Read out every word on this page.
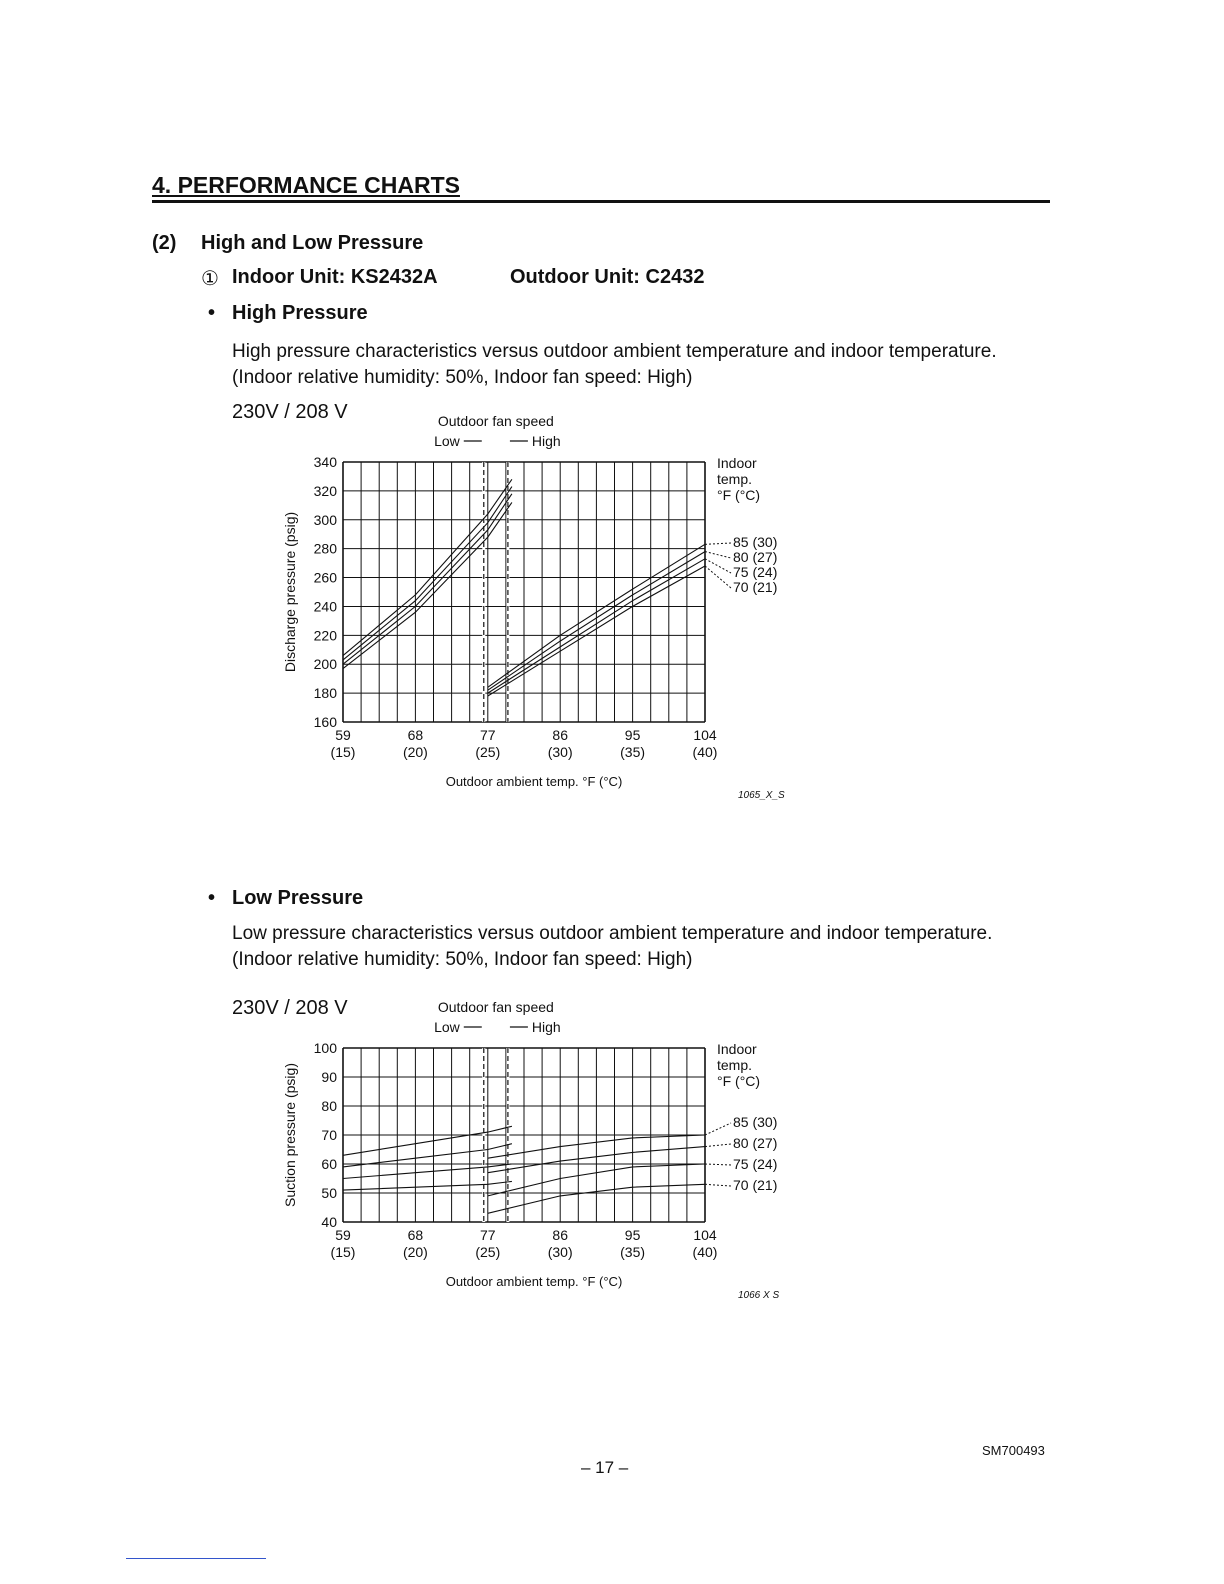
4. PERFORMANCE CHARTS
(2) High and Low Pressure
① Indoor Unit: KS2432A	Outdoor Unit: C2432
• High Pressure
High pressure characteristics versus outdoor ambient temperature and indoor temperature.
(Indoor relative humidity: 50%, Indoor fan speed: High)
230V / 208 V	Outdoor fan speed
Low	High
160
180
200
220
240
260
280
300
320
340
59
(15)
68
(20)
77
(25)
86
(30)
95
(35)
104
(40)
Outdoor ambient temp. °F (°C)
Discharge pressure (psig)
Indoor
temp.
°F (°C)
85 (30)
80 (27)
75 (24)
70 (21)
1065_X_S
• Low Pressure
Low pressure characteristics versus outdoor ambient temperature and indoor temperature.
(Indoor relative humidity: 50%, Indoor fan speed: High)
230V / 208 V	Outdoor fan speed
Low	High
40
50
60
70
80
90
100
59
(15)
68
(20)
77
(25)
86
(30)
95
(35)
104
(40)
Outdoor ambient temp. °F (°C)
Suction pressure (psig)
Indoor
temp.
°F (°C)
85 (30)
80 (27)
75 (24)
70 (21)
1066 X S
SM700493
– 17 –
